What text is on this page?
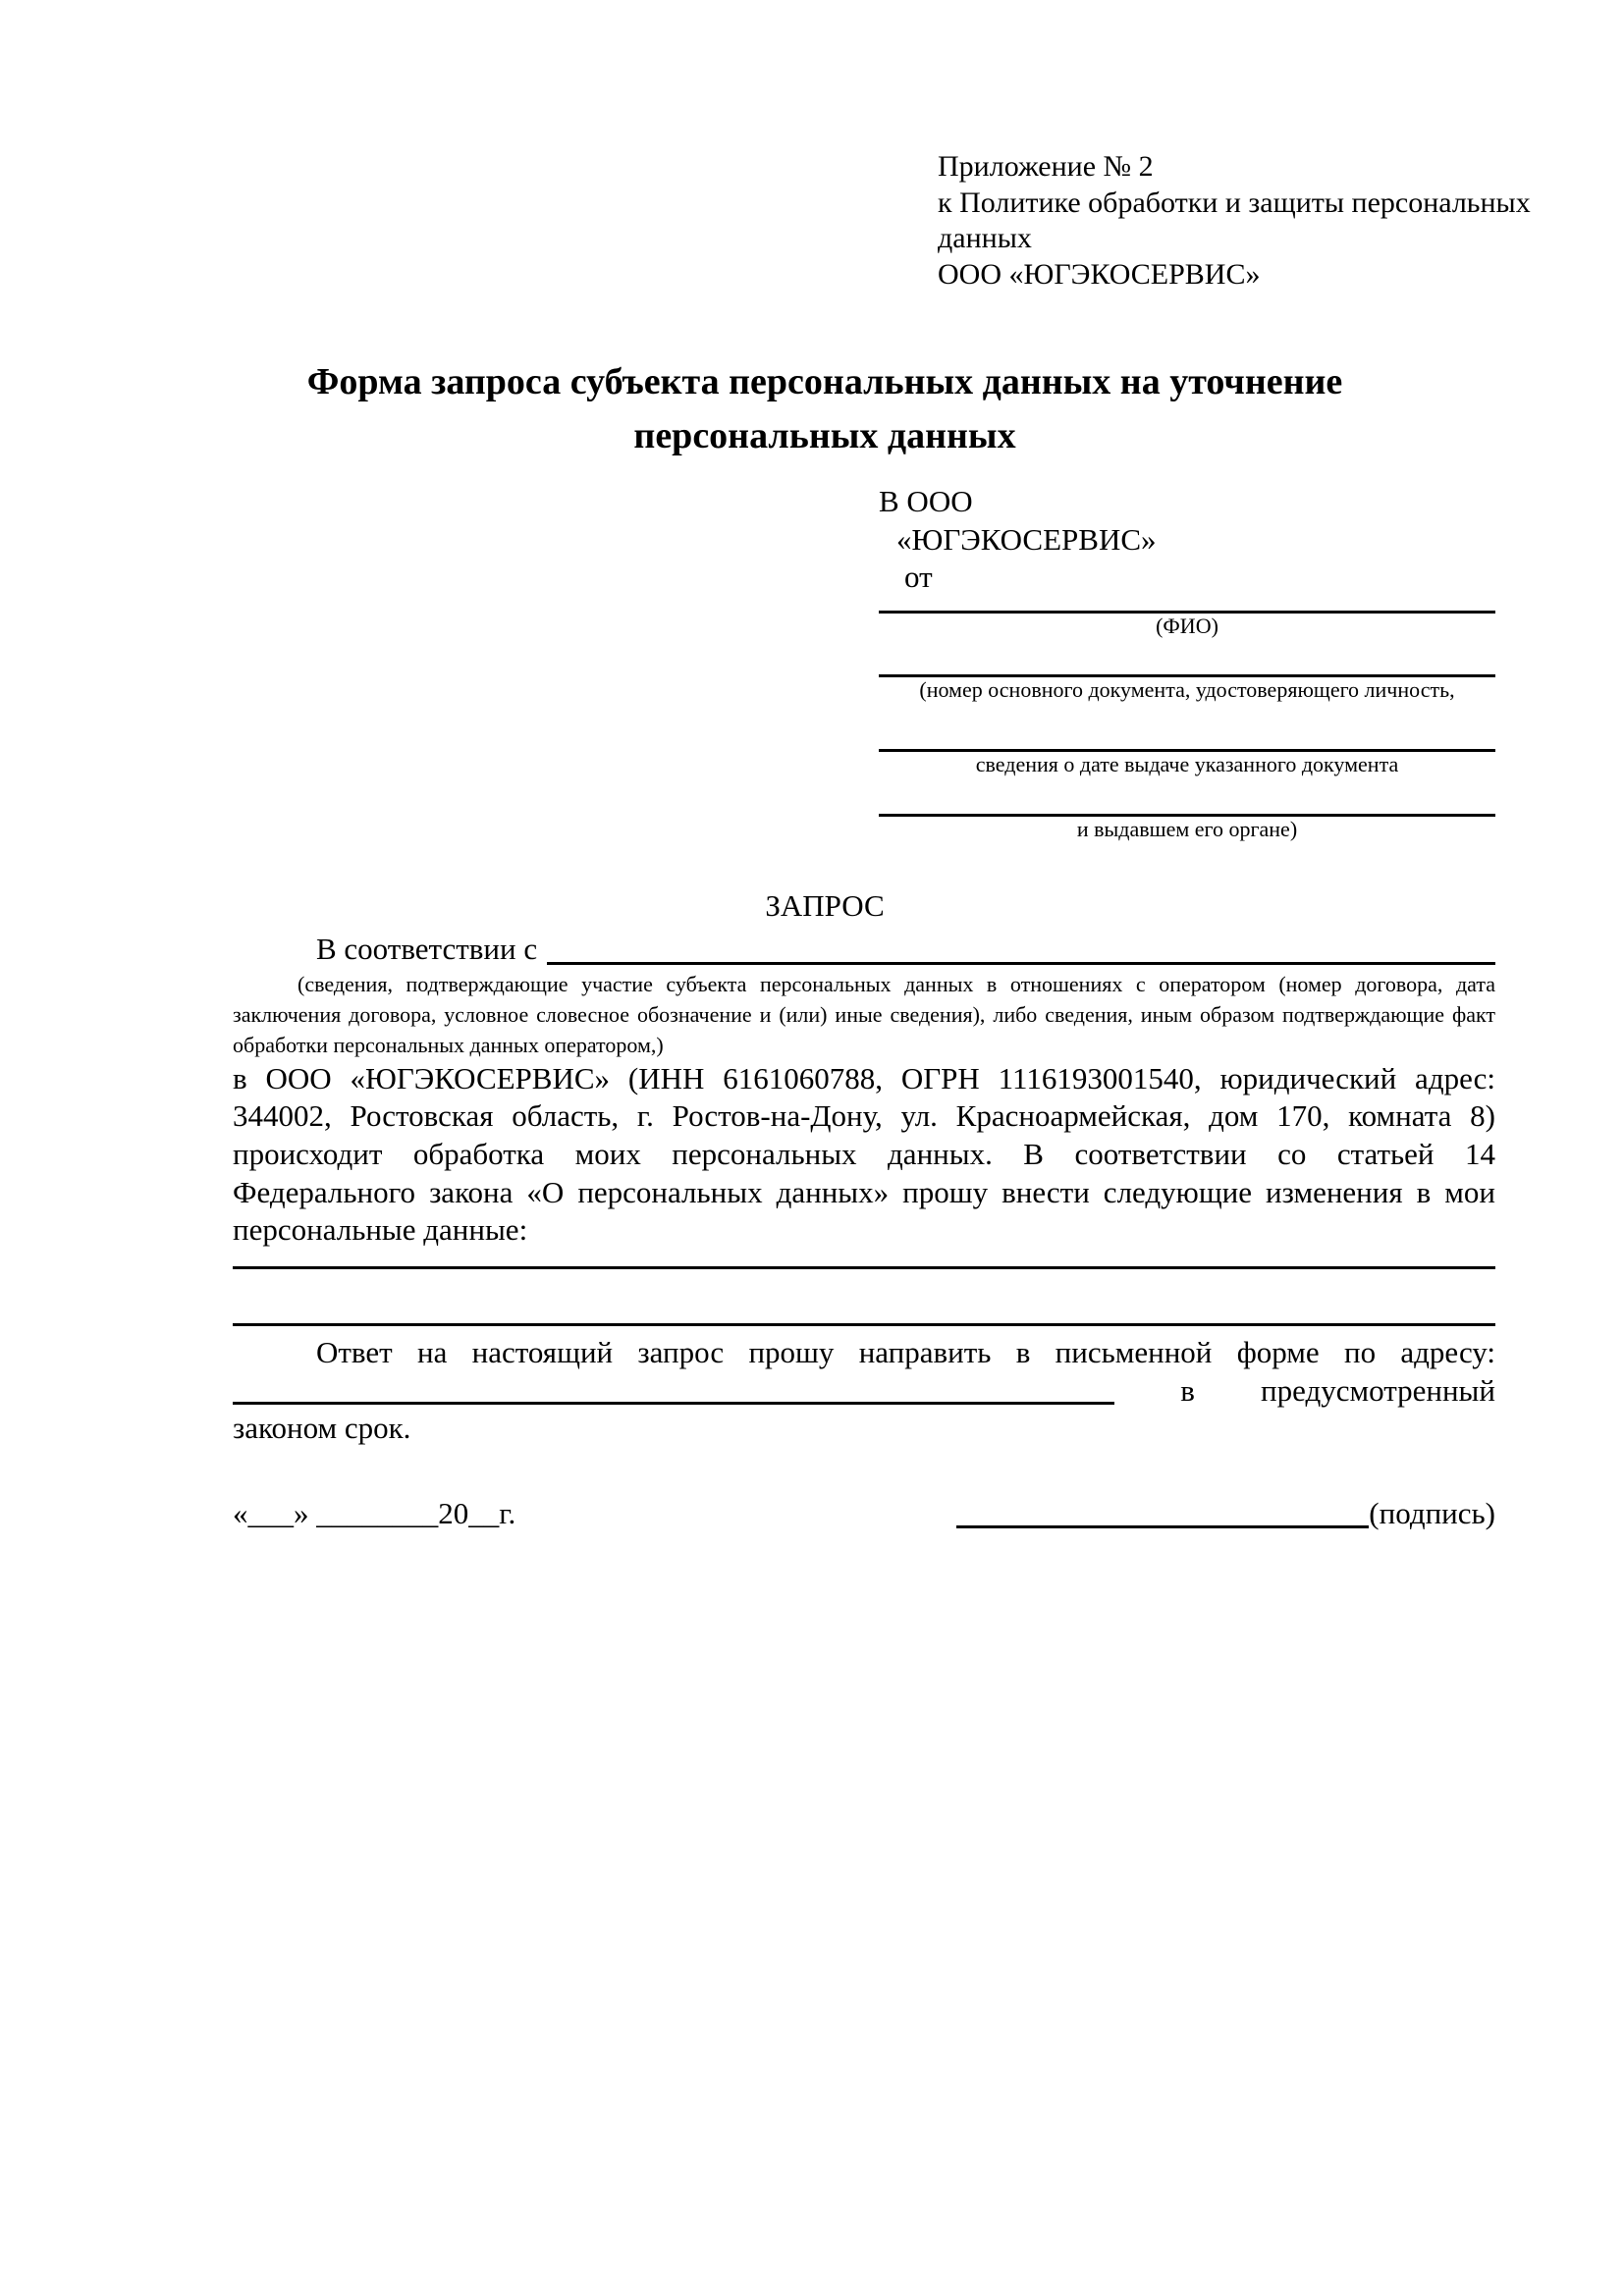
Приложение № 2
к Политике обработки и защиты персональных
данных
ООО «ЮГЭКОСЕРВИС»
Форма запроса субъекта персональных данных на уточнение
персональных данных
В ООО
«ЮГЭКОСЕРВИС»
от
(ФИО)
(номер основного документа, удостоверяющего личность,
сведения о дате выдаче указанного документа
и выдавшем его органе)
ЗАПРОС
В соответствии с
(сведения, подтверждающие участие субъекта персональных данных в отношениях с оператором (номер договора, дата
заключения договора, условное словесное обозначение и (или) иные сведения), либо сведения, иным образом подтверждающие факт
обработки персональных данных оператором,)
в ООО «ЮГЭКОСЕРВИС» (ИНН 6161060788, ОГРН 1116193001540, юридический адрес:
344002, Ростовская область, г. Ростов-на-Дону, ул. Красноармейская, дом 170, комната 8)
происходит обработка моих персональных данных. В соответствии со статьей 14
Федерального закона «О персональных данных» прошу внести следующие изменения в мои
персональные данные:
Ответ на настоящий запрос прошу направить в письменной форме по адресу:
в предусмотренный
законом срок.
«___» ________20__г.	(подпись)
